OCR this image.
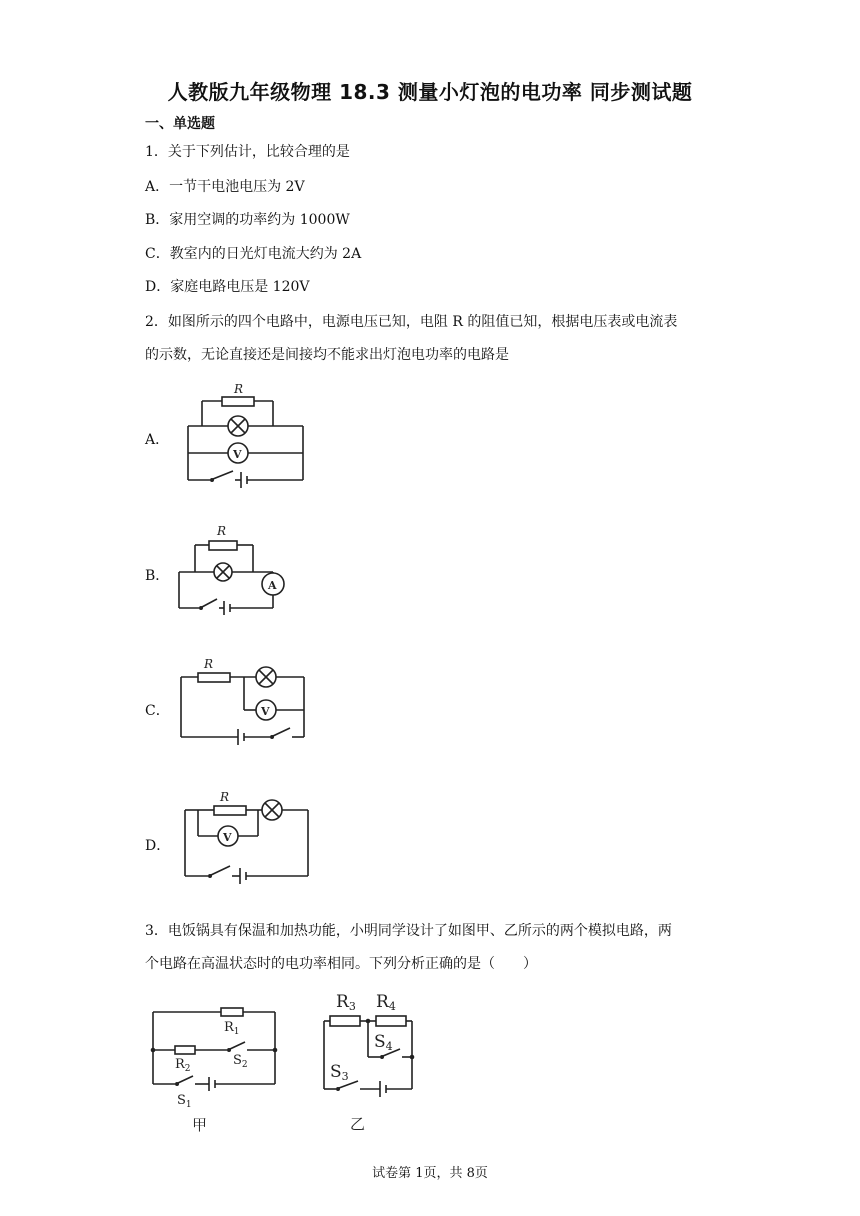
人教版九年级物理 18.3 测量小灯泡的电功率 同步测试题
一、单选题
1．关于下列估计，比较合理的是
A．一节干电池电压为 2V
B．家用空调的功率约为 1000W
C．教室内的日光灯电流大约为 2A
D．家庭电路电压是 120V
2．如图所示的四个电路中，电源电压已知，电阻 R 的阻值已知，根据电压表或电流表
的示数，无论直接还是间接均不能求出灯泡电功率的电路是
A．
R
V
B．
R
A
C．
R
V
D．
R
V
3．电饭锅具有保温和加热功能，小明同学设计了如图甲、乙所示的两个模拟电路，两
个电路在高温状态时的电功率相同。下列分析正确的是（　　）
$R_1$
$R_2$
$S_2$
$S_1$
甲
R3 R4
S4
S3
乙
试卷第 1页，共 8页
